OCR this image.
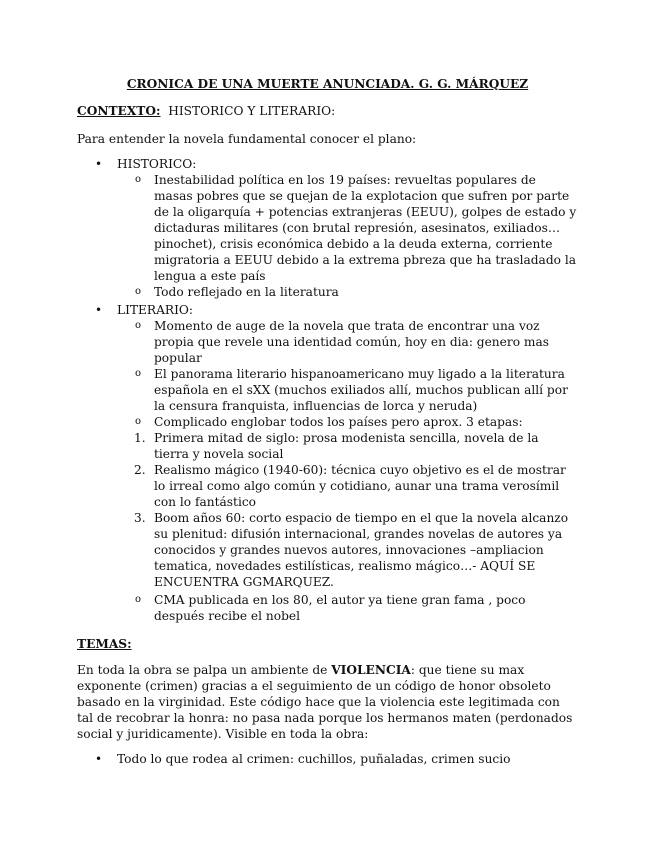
CRONICA DE UNA MUERTE ANUNCIADA. G. G. MÁRQUEZ
CONTEXTO: HISTORICO Y LITERARIO:
Para entender la novela fundamental conocer el plano:
• HISTORICO:
o Inestabilidad política en los 19 países: revueltas populares de masas pobres que se quejan de la explotacion que sufren por parte de la oligarquía + potencias extranjeras (EEUU), golpes de estado y dictaduras militares (con brutal represión, asesinatos, exiliados… pinochet), crisis económica debido a la deuda externa, corriente migratoria a EEUU debido a la extrema pbreza que ha trasladado la lengua a este país
o Todo reflejado en la literatura
• LITERARIO:
o Momento de auge de la novela que trata de encontrar una voz propia que revele una identidad común, hoy en dia: genero mas popular
o El panorama literario hispanoamericano muy ligado a la literatura española en el sXX (muchos exiliados allí, muchos publican allí por la censura franquista, influencias de lorca y neruda)
o Complicado englobar todos los países pero aprox. 3 etapas:
1. Primera mitad de siglo: prosa modenista sencilla, novela de la tierra y novela social
2. Realismo mágico (1940-60): técnica cuyo objetivo es el de mostrar lo irreal como algo común y cotidiano, aunar una trama verosímil con lo fantástico
3. Boom años 60: corto espacio de tiempo en el que la novela alcanzo su plenitud: difusión internacional, grandes novelas de autores ya conocidos y grandes nuevos autores, innovaciones –ampliacion tematica, novedades estilísticas, realismo mágico…- AQUÍ SE ENCUENTRA GGMARQUEZ.
o CMA publicada en los 80, el autor ya tiene gran fama , poco después recibe el nobel
TEMAS:
En toda la obra se palpa un ambiente de VIOLENCIA: que tiene su max exponente (crimen) gracias a el seguimiento de un código de honor obsoleto basado en la virginidad. Este código hace que la violencia este legitimada con tal de recobrar la honra: no pasa nada porque los hermanos maten (perdonados social y juridicamente). Visible en toda la obra:
• Todo lo que rodea al crimen: cuchillos, puñaladas, crimen sucio
